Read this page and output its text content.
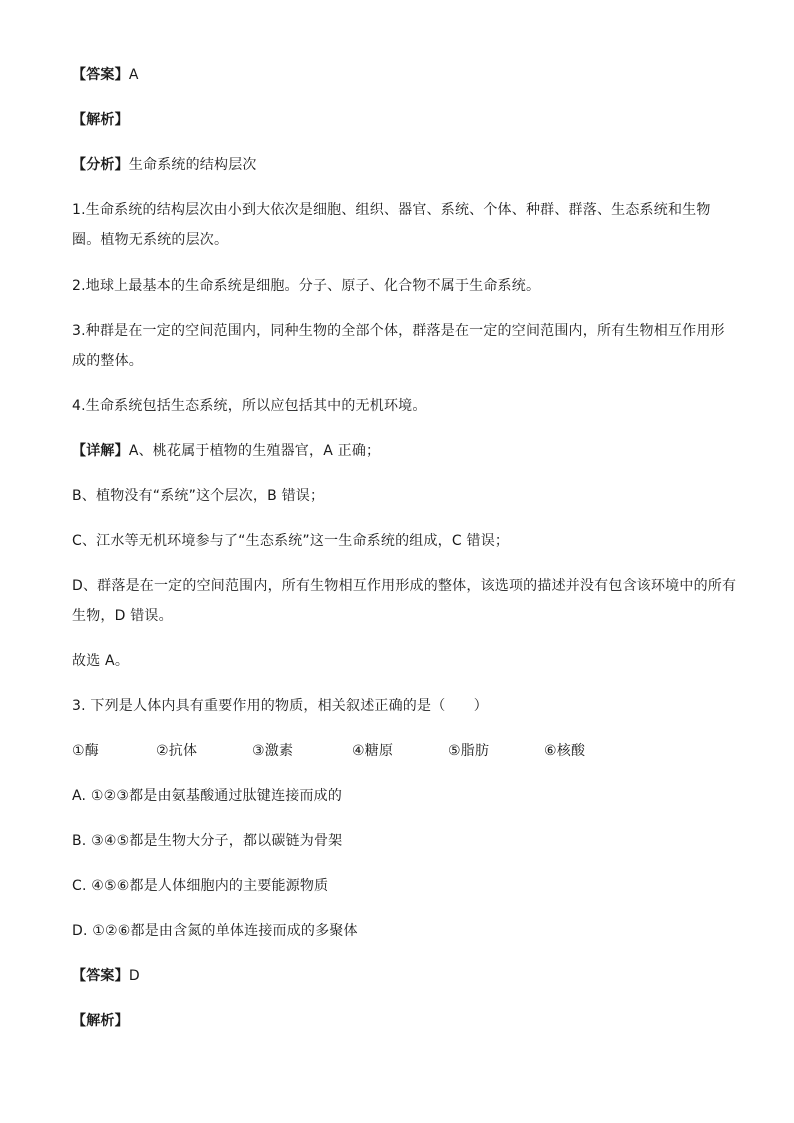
【答案】A
【解析】
【分析】生命系统的结构层次
1.生命系统的结构层次由小到大依次是细胞、组织、器官、系统、个体、种群、群落、生态系统和生物
圈。植物无系统的层次。
2.地球上最基本的生命系统是细胞。分子、原子、化合物不属于生命系统。
3.种群是在一定的空间范围内，同种生物的全部个体，群落是在一定的空间范围内，所有生物相互作用形
成的整体。
4.生命系统包括生态系统，所以应包括其中的无机环境。
【详解】A、桃花属于植物的生殖器官，A 正确；
B、植物没有“系统”这个层次，B 错误；
C、江水等无机环境参与了“生态系统”这一生命系统的组成，C 错误；
D、群落是在一定的空间范围内，所有生物相互作用形成的整体，该选项的描述并没有包含该环境中的所有
生物，D 错误。
故选 A。
3. 下列是人体内具有重要作用的物质，相关叙述正确的是（　　）
①酶	②抗体	③激素	④糖原	⑤脂肪	⑥核酸
A. ①②③都是由氨基酸通过肽键连接而成的
B. ③④⑤都是生物大分子，都以碳链为骨架
C. ④⑤⑥都是人体细胞内的主要能源物质
D. ①②⑥都是由含氮的单体连接而成的多聚体
【答案】D
【解析】
